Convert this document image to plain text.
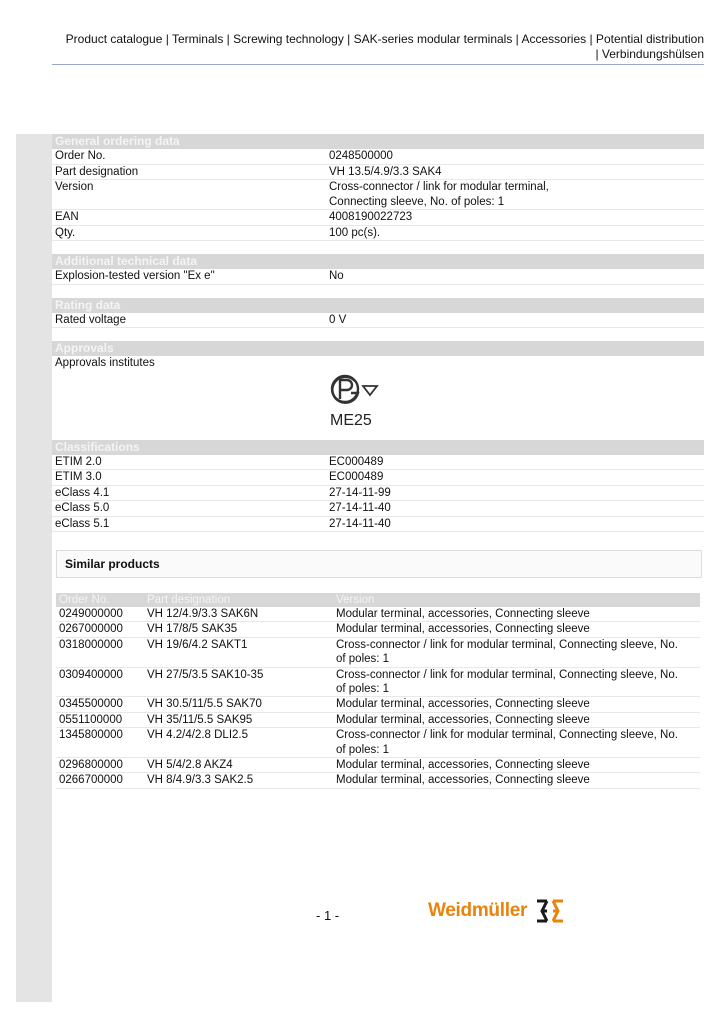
Product catalogue | Terminals | Screwing technology | SAK-series modular terminals | Accessories | Potential distribution
| Verbindungshülsen
General ordering data
Order No.	0248500000
Part designation	VH 13.5/4.9/3.3 SAK4
Version	Cross-connector / link for modular terminal,
Connecting sleeve, No. of poles: 1
EAN	4008190022723
Qty.	100 pc(s).
Additional technical data
Explosion-tested version "Ex e"	No
Rating data
Rated voltage	0 V
Approvals
Approvals institutes
ME25
Classifications
ETIM 2.0	EC000489
ETIM 3.0	EC000489
eClass 4.1	27-14-11-99
eClass 5.0	27-14-11-40
eClass 5.1	27-14-11-40
Similar products
Order No.	Part designation	Version
0249000000	VH 12/4.9/3.3 SAK6N	Modular terminal, accessories, Connecting sleeve
0267000000	VH 17/8/5 SAK35	Modular terminal, accessories, Connecting sleeve
0318000000	VH 19/6/4.2 SAKT1	Cross-connector / link for modular terminal, Connecting sleeve, No.
of poles: 1
0309400000	VH 27/5/3.5 SAK10-35	Cross-connector / link for modular terminal, Connecting sleeve, No.
of poles: 1
0345500000	VH 30.5/11/5.5 SAK70	Modular terminal, accessories, Connecting sleeve
0551100000	VH 35/11/5.5 SAK95	Modular terminal, accessories, Connecting sleeve
1345800000	VH 4.2/4/2.8 DLI2.5	Cross-connector / link for modular terminal, Connecting sleeve, No.
of poles: 1
0296800000	VH 5/4/2.8 AKZ4	Modular terminal, accessories, Connecting sleeve
0266700000	VH 8/4.9/3.3 SAK2.5	Modular terminal, accessories, Connecting sleeve
- 1 -	Weidmüller
